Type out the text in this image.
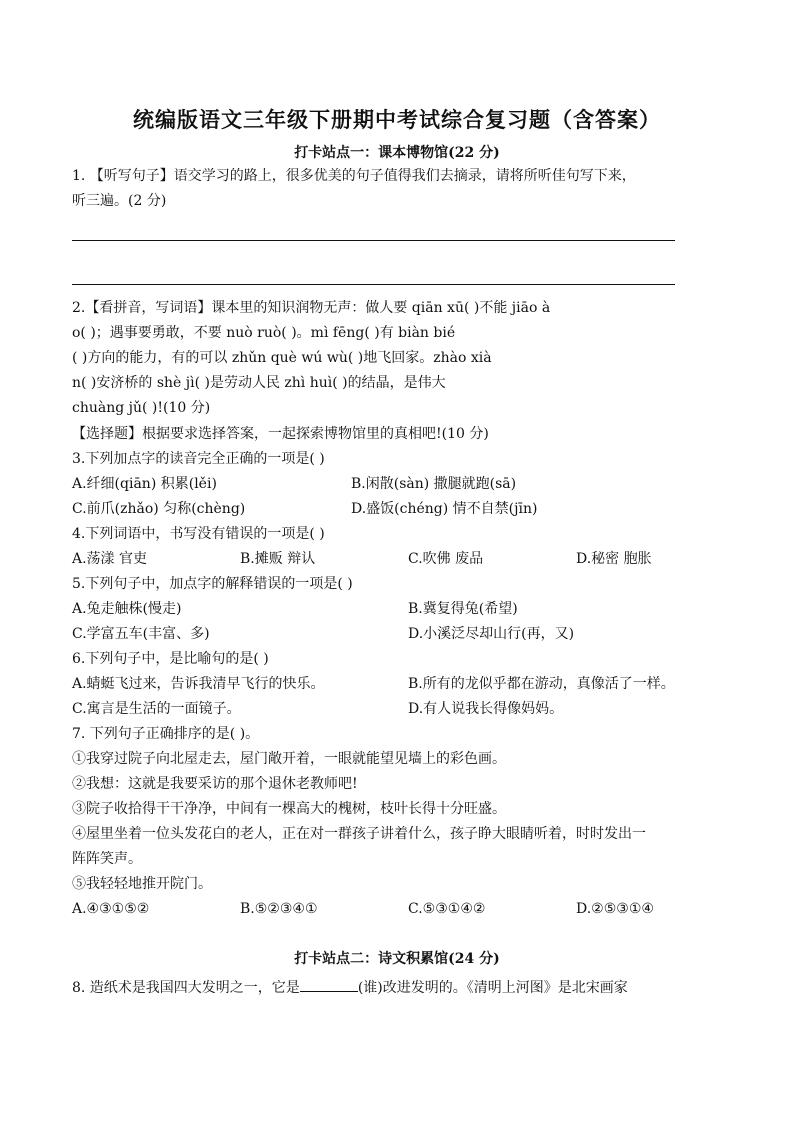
统编版语文三年级下册期中考试综合复习题（含答案）
打卡站点一：课本博物馆(22 分)
1. 【听写句子】语交学习的路上，很多优美的句子值得我们去摘录，请将所听佳句写下来，
听三遍。(2 分)
2.【看拼音，写词语】课本里的知识润物无声：做人要 qiān xū( )不能 jiāo à
o( )；遇事要勇敢，不要 nuò ruò( )。mì fēng( )有 biàn bié
( )方向的能力，有的可以 zhǔn què wú wù( )地飞回家。zhào xià
n( )安济桥的 shè jì( )是劳动人民 zhì huì( )的结晶，是伟大
chuàng jǔ( )!(10 分)
【选择题】根据要求选择答案，一起探索博物馆里的真相吧!(10 分)
3.下列加点字的读音完全正确的一项是( )
A.纤细(qiān) 积累(lěi)	B.闲散(sàn) 撒腿就跑(sā)
C.前爪(zhǎo) 匀称(chèng)	D.盛饭(chéng) 情不自禁(jīn)
4.下列词语中，书写没有错误的一项是( )
A.荡漾 官吏	B.摊贩 辩认	C.吹佛 废品	D.秘密 胞胀
5.下列句子中，加点字的解释错误的一项是( )
A.兔走触株(慢走)	B.冀复得兔(希望)
C.学富五车(丰富、多)	D.小溪泛尽却山行(再，又)
6.下列句子中，是比喻句的是( )
A.蜻蜓飞过来，告诉我清早飞行的快乐。	B.所有的龙似乎都在游动，真像活了一样。
C.寓言是生活的一面镜子。	D.有人说我长得像妈妈。
7. 下列句子正确排序的是( )。
①我穿过院子向北屋走去，屋门敞开着，一眼就能望见墙上的彩色画。
②我想：这就是我要采访的那个退休老教师吧!
③院子收拾得干干净净，中间有一棵高大的槐树，枝叶长得十分旺盛。
④屋里坐着一位头发花白的老人，正在对一群孩子讲着什么，孩子睁大眼睛听着，时时发出一
阵阵笑声。
⑤我轻轻地推开院门。
A.④③①⑤②	B.⑤②③④①	C.⑤③①④②	D.②⑤③①④
打卡站点二：诗文积累馆(24 分)
8. 造纸术是我国四大发明之一，它是	(谁)改进发明的。《清明上河图》是北宋画家
